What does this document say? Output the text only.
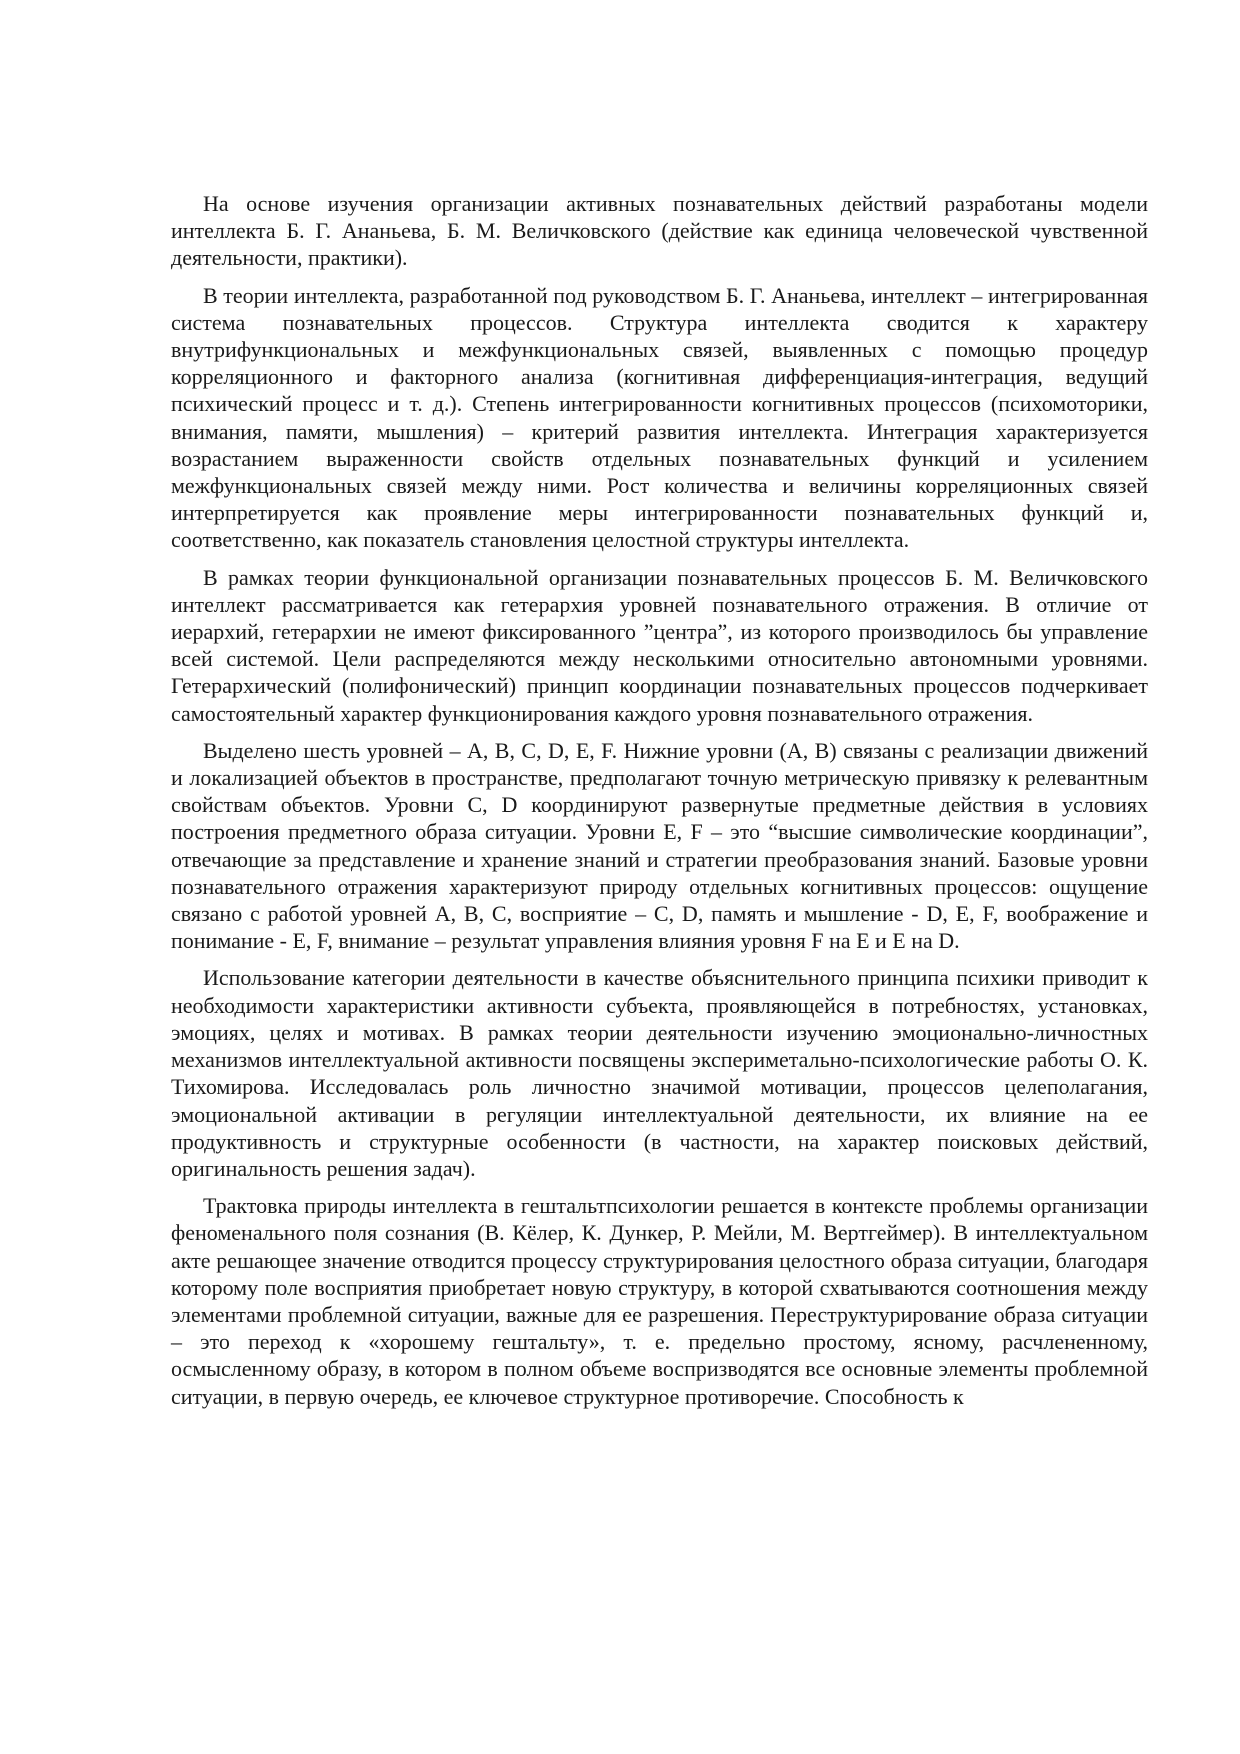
На основе изучения организации активных познавательных действий разработаны модели интеллекта Б. Г. Ананьева, Б. М. Величковского (действие как единица человеческой чувственной деятельности, практики).

В теории интеллекта, разработанной под руководством Б. Г. Ананьева, интеллект – интегрированная система познавательных процессов. Структура интеллекта сводится к характеру внутрифункциональных и межфункциональных связей, выявленных с помощью процедур корреляционного и факторного анализа (когнитивная дифференциация-интеграция, ведущий психический процесс и т. д.). Степень интегрированности когнитивных процессов (психомоторики, внимания, памяти, мышления) – критерий развития интеллекта. Интеграция характеризуется возрастанием выраженности свойств отдельных познавательных функций и усилением межфункциональных связей между ними. Рост количества и величины корреляционных связей интерпретируется как проявление меры интегрированности познавательных функций и, соответственно, как показатель становления целостной структуры интеллекта.

В рамках теории функциональной организации познавательных процессов Б. М. Величковского интеллект рассматривается как гетерархия уровней познавательного отражения. В отличие от иерархий, гетерархии не имеют фиксированного ”центра”, из которого производилось бы управление всей системой. Цели распределяются между несколькими относительно автономными уровнями. Гетерархический (полифонический) принцип координации познавательных процессов подчеркивает самостоятельный характер функционирования каждого уровня познавательного отражения.

Выделено шесть уровней – А, В, С, D, Е, F. Нижние уровни (А, В) связаны с реализации движений и локализацией объектов в пространстве, предполагают точную метрическую привязку к релевантным свойствам объектов. Уровни С, D координируют развернутые предметные действия в условиях построения предметного образа ситуации. Уровни E, F – это “высшие символические координации”, отвечающие за представление и хранение знаний и стратегии преобразования знаний. Базовые уровни познавательного отражения характеризуют природу отдельных когнитивных процессов: ощущение связано с работой уровней А, В, С, восприятие – С, D, память и мышление - D, Е, F, воображение и понимание - Е, F, внимание – результат управления влияния уровня F на Е и Е на D.

Использование категории деятельности в качестве объяснительного принципа психики приводит к необходимости характеристики активности субъекта, проявляющейся в потребностях, установках, эмоциях, целях и мотивах. В рамках теории деятельности изучению эмоционально-личностных механизмов интеллектуальной активности посвящены эксперимeтально-психологические работы О. К. Тихомирова. Исследовалась роль личностно значимой мотивации, процессов целеполагания, эмоциональной активации в регуляции интеллектуальной деятельности, их влияние на ее продуктивность и структурные особенности (в частности, на характер поисковых действий, оригинальность решения задач).

Трактовка природы интеллекта в гештальтпсихологии решается в контексте проблемы организации феноменального поля сознания (В. Кёлер, К. Дункер, Р. Мейли, М. Вертгеймер). В интеллектуальном акте решающее значение отводится процессу структурирования целостного образа ситуации, благодаря которому поле восприятия приобретает новую структуру, в которой схватываются соотношения между элементами проблемной ситуации, важные для ее разрешения. Переструктурирование образа ситуации – это переход к «хорошему гештальту», т. е. предельно простому, ясному, расчлененному, осмысленному образу, в котором в полном объеме воспризводятся все основные элементы проблемной ситуации, в первую очередь, ее ключевое структурное противоречие. Способность к
